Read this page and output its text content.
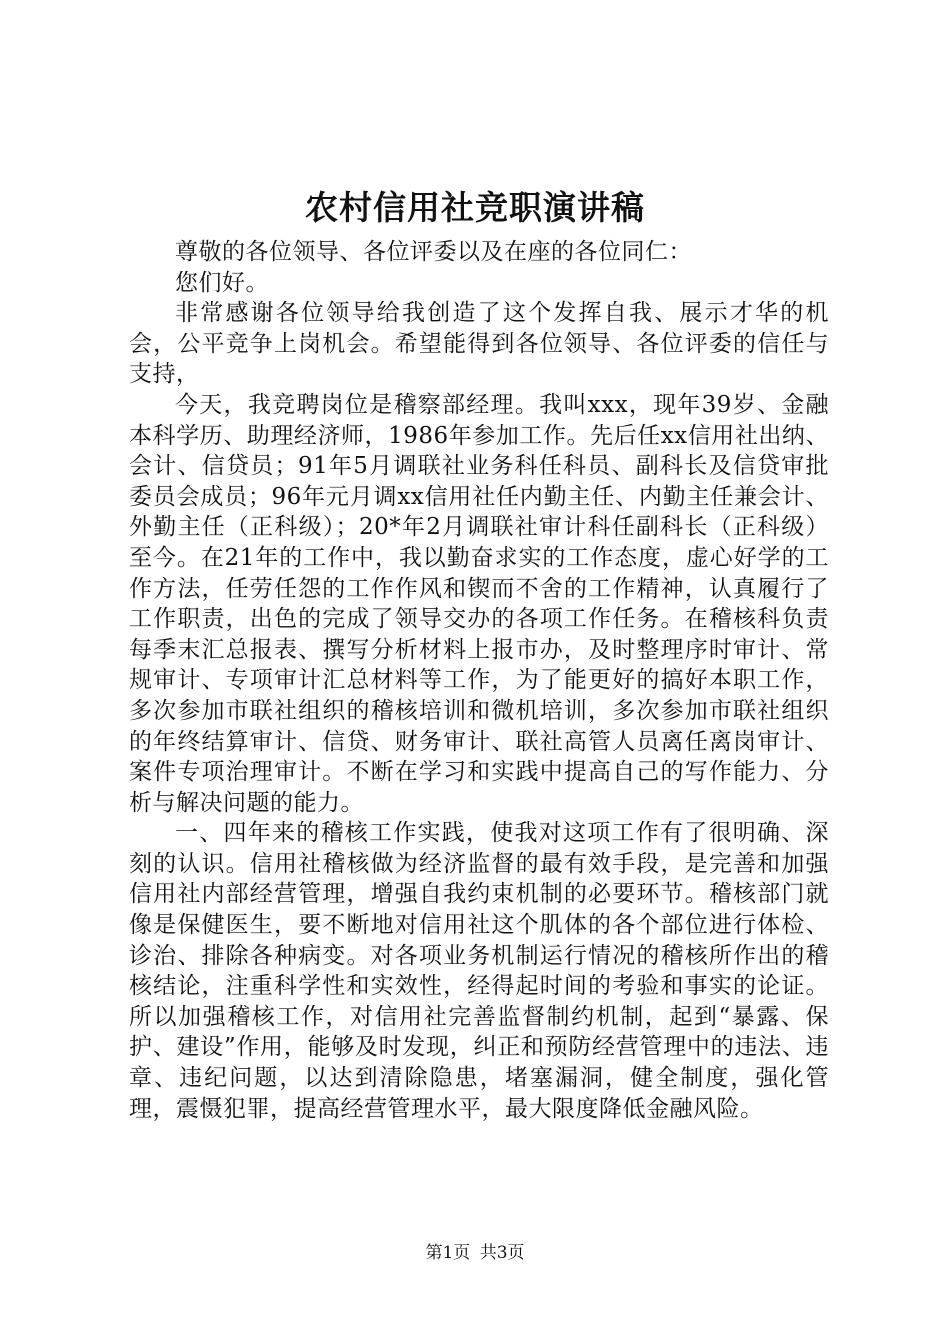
农村信用社竞职演讲稿

尊敬的各位领导、各位评委以及在座的各位同仁：

您们好。

非常感谢各位领导给我创造了这个发挥自我、展示才华的机会，公平竞争上岗机会。希望能得到各位领导、各位评委的信任与支持，

今天，我竞聘岗位是稽察部经理。我叫xxx，现年39岁、金融本科学历、助理经济师，1986年参加工作。先后任xx信用社出纳、会计、信贷员；91年5月调联社业务科任科员、副科长及信贷审批委员会成员；96年元月调xx信用社任内勤主任、内勤主任兼会计、外勤主任（正科级）；20*年2月调联社审计科任副科长（正科级）至今。在21年的工作中，我以勤奋求实的工作态度，虚心好学的工作方法，任劳任怨的工作作风和锲而不舍的工作精神，认真履行了工作职责，出色的完成了领导交办的各项工作任务。在稽核科负责每季末汇总报表、撰写分析材料上报市办，及时整理序时审计、常规审计、专项审计汇总材料等工作，为了能更好的搞好本职工作，多次参加市联社组织的稽核培训和微机培训，多次参加市联社组织的年终结算审计、信贷、财务审计、联社高管人员离任离岗审计、案件专项治理审计。不断在学习和实践中提高自己的写作能力、分析与解决问题的能力。

一、四年来的稽核工作实践，使我对这项工作有了很明确、深刻的认识。信用社稽核做为经济监督的最有效手段，是完善和加强信用社内部经营管理，增强自我约束机制的必要环节。稽核部门就像是保健医生，要不断地对信用社这个肌体的各个部位进行体检、诊治、排除各种病变。对各项业务机制运行情况的稽核所作出的稽核结论，注重科学性和实效性，经得起时间的考验和事实的论证。所以加强稽核工作，对信用社完善监督制约机制，起到“暴露、保护、建设”作用，能够及时发现，纠正和预防经营管理中的违法、违章、违纪问题，以达到清除隐患，堵塞漏洞，健全制度，强化管理，震慑犯罪，提高经营管理水平，最大限度降低金融风险。

第1页 共3页
